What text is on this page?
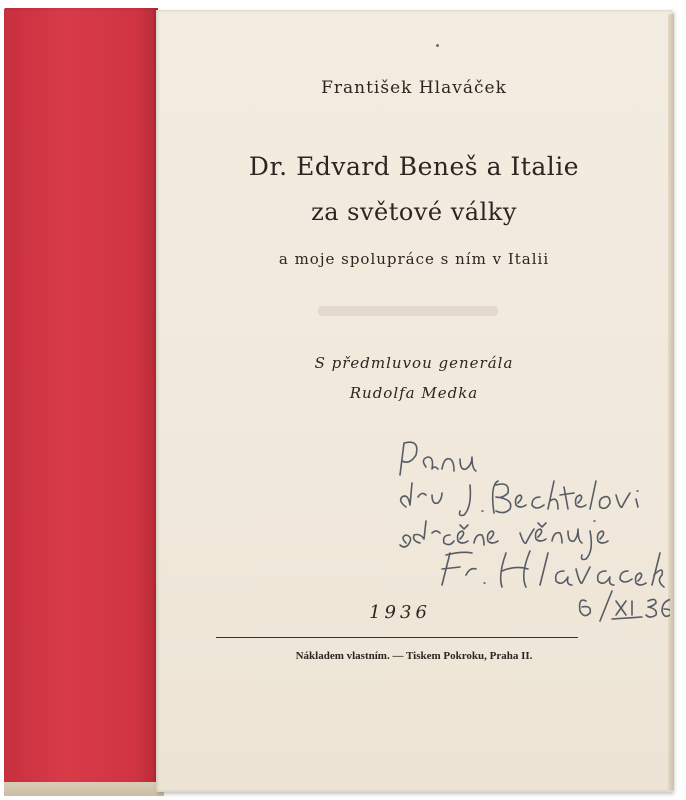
František Hlaváček
Dr. Edvard Beneš a Italie
za světové války
a moje spolupráce s ním v Italii
S předmluvou generála
Rudolfa Medka
1936
Nákladem vlastním. — Tiskem Pokroku, Praha II.
